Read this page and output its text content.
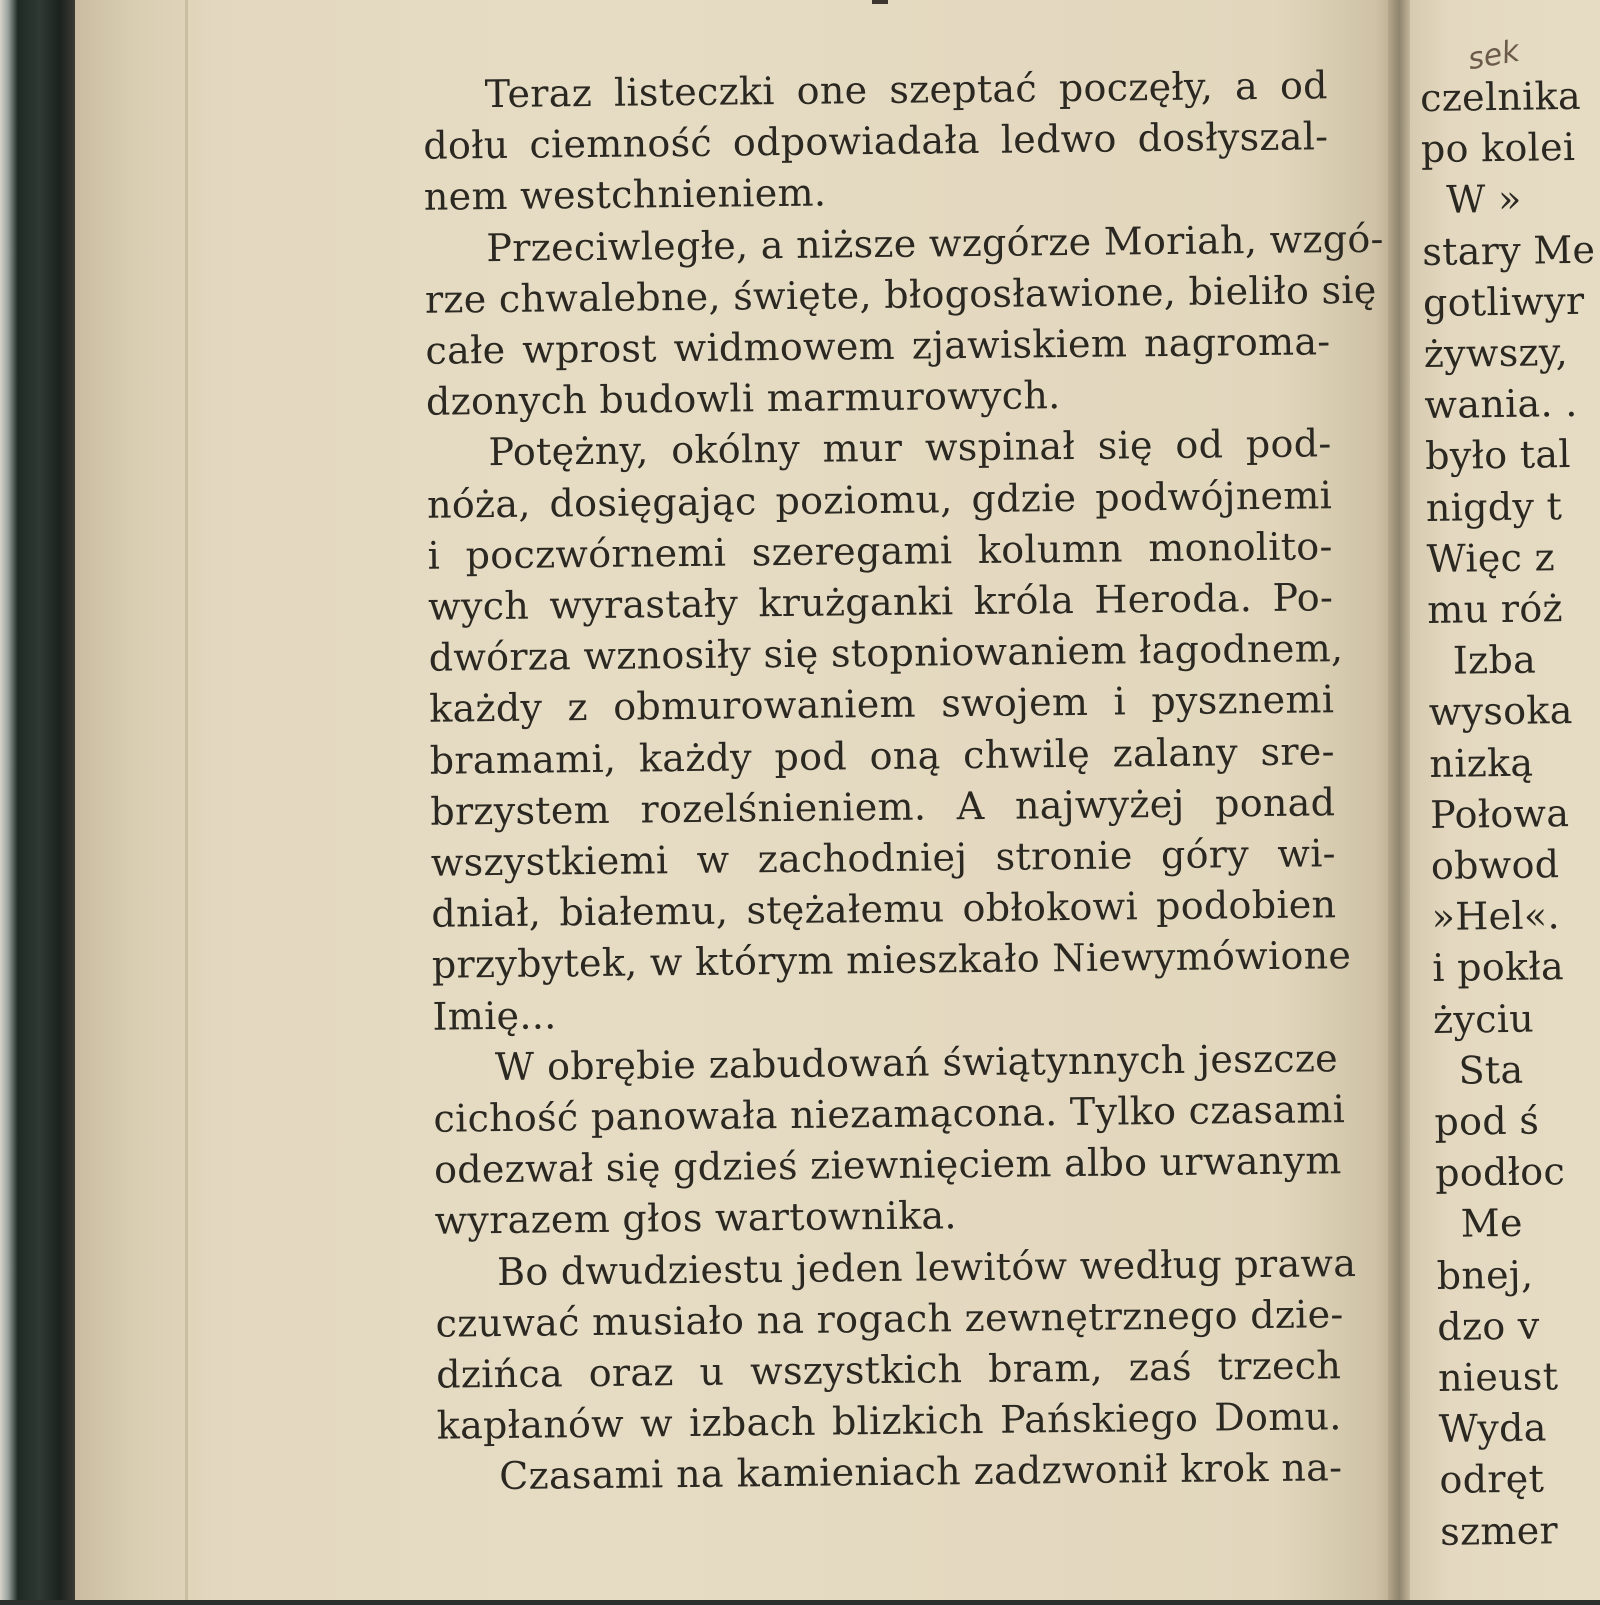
Teraz listeczki one szeptać poczęły, a od
dołu ciemność odpowiadała ledwo dosłyszal-
nem westchnieniem.
Przeciwległe, a niższe wzgórze Moriah, wzgó-
rze chwalebne, święte, błogosławione, bieliło się
całe wprost widmowem zjawiskiem nagroma-
dzonych budowli marmurowych.
Potężny, okólny mur wspinał się od pod-
nóża, dosięgając poziomu, gdzie podwójnemi
i poczwórnemi szeregami kolumn monolito-
wych wyrastały krużganki króla Heroda. Po-
dwórza wznosiły się stopniowaniem łagodnem,
każdy z obmurowaniem swojem i pysznemi
bramami, każdy pod oną chwilę zalany sre-
brzystem rozelśnieniem. A najwyżej ponad
wszystkiemi w zachodniej stronie góry wi-
dniał, białemu, stężałemu obłokowi podobien
przybytek, w którym mieszkało Niewymówione
Imię...
W obrębie zabudowań świątynnych jeszcze
cichość panowała niezamącona. Tylko czasami
odezwał się gdzieś ziewnięciem albo urwanym
wyrazem głos wartownika.
Bo dwudziestu jeden lewitów według prawa
czuwać musiało na rogach zewnętrznego dzie-
dzińca oraz u wszystkich bram, zaś trzech
kapłanów w izbach blizkich Pańskiego Domu.
Czasami na kamieniach zadzwonił krok na-
czelnika
po kolei
W »
stary Me
gotliwyr
żywszy,
wania. .
było tal
nigdy t
Więc z
mu róż
Izba
wysoka
nizką
Połowa
obwod
»Hel«.
i pokła
życiu
Sta
pod ś
podłoc
Me
bnej,
dzo v
nieust
Wyda
odręt
szmer
sek
